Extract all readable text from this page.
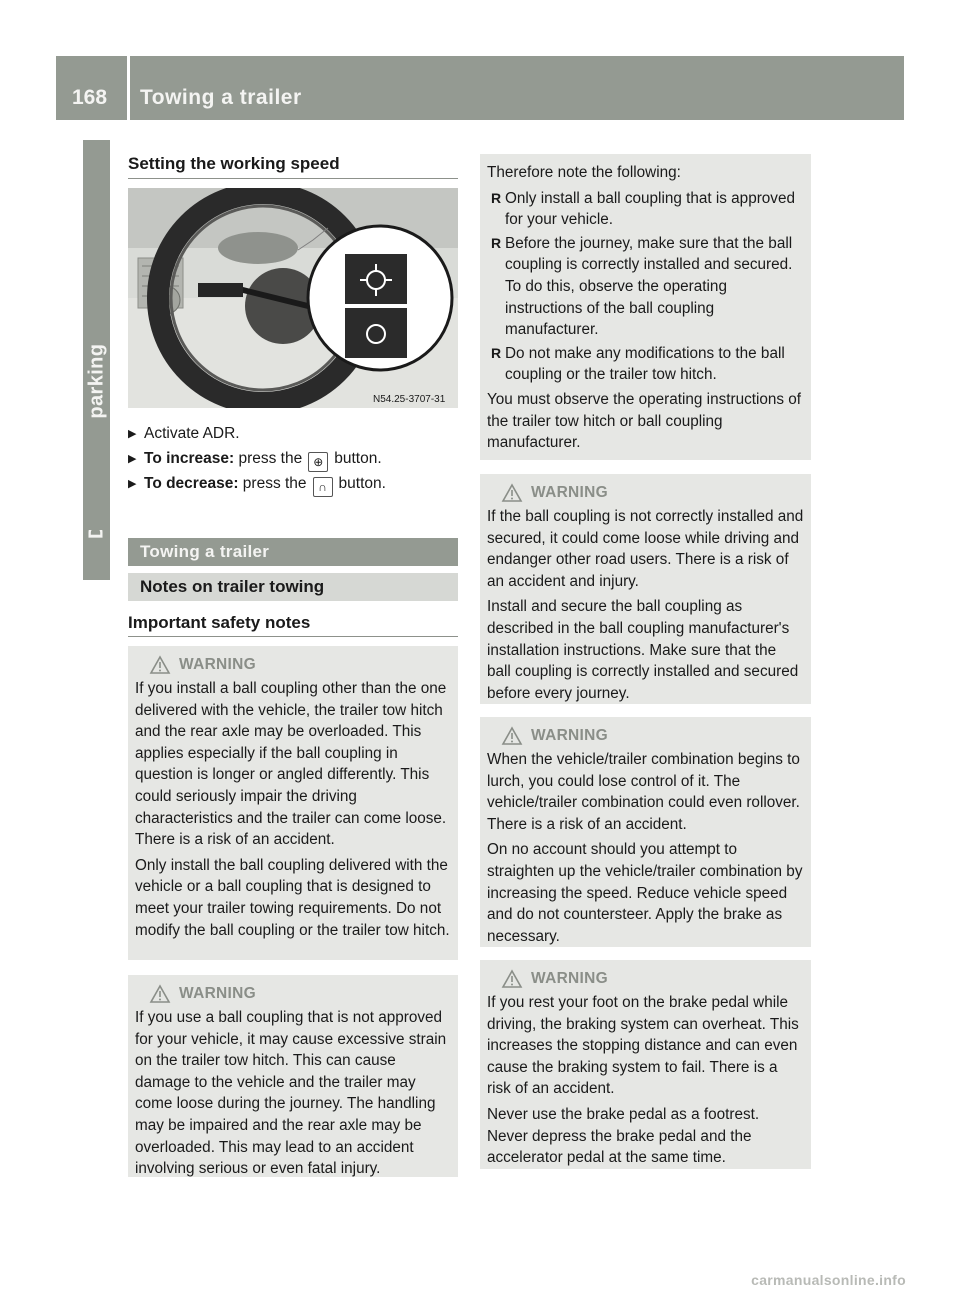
168 Towing a trailer
Setting the working speed
N54.25-3707-31
▶ Activate ADR.
▶ To increase: press the ⊕ button.
▶ To decrease: press the ∩ button.
Towing a trailer
Notes on trailer towing
Important safety notes
WARNING

If you install a ball coupling other than the one delivered with the vehicle, the trailer tow hitch and the rear axle may be overloaded. This applies especially if the ball coupling in question is longer or angled differently. This could seriously impair the driving characteristics and the trailer can come loose. There is a risk of an accident.

Only install the ball coupling delivered with the vehicle or a ball coupling that is designed to meet your trailer towing requirements. Do not modify the ball coupling or the trailer tow hitch.

WARNING

If you use a ball coupling that is not approved for your vehicle, it may cause excessive strain on the trailer tow hitch. This can cause damage to the vehicle and the trailer may come loose during the journey. The handling may be impaired and the rear axle may be overloaded. This may lead to an accident involving serious or even fatal injury.

Therefore note the following:

R Only install a ball coupling that is approved for your vehicle.
R Before the journey, make sure that the ball coupling is correctly installed and secured. To do this, observe the operating instructions of the ball coupling manufacturer.
R Do not make any modifications to the ball coupling or the trailer tow hitch.

You must observe the operating instructions of the trailer tow hitch or ball coupling manufacturer.

WARNING

If the ball coupling is not correctly installed and secured, it could come loose while driving and endanger other road users. There is a risk of an accident and injury.

Install and secure the ball coupling as described in the ball coupling manufacturer's installation instructions. Make sure that the ball coupling is correctly installed and secured before every journey.

WARNING

When the vehicle/trailer combination begins to lurch, you could lose control of it. The vehicle/trailer combination could even rollover. There is a risk of an accident.

On no account should you attempt to straighten up the vehicle/trailer combination by increasing the speed. Reduce vehicle speed and do not countersteer. Apply the brake as necessary.

WARNING

If you rest your foot on the brake pedal while driving, the braking system can overheat. This increases the stopping distance and can even cause the braking system to fail. There is a risk of an accident.

Never use the brake pedal as a footrest. Never depress the brake pedal and the accelerator pedal at the same time.

carmanualsonline.info
